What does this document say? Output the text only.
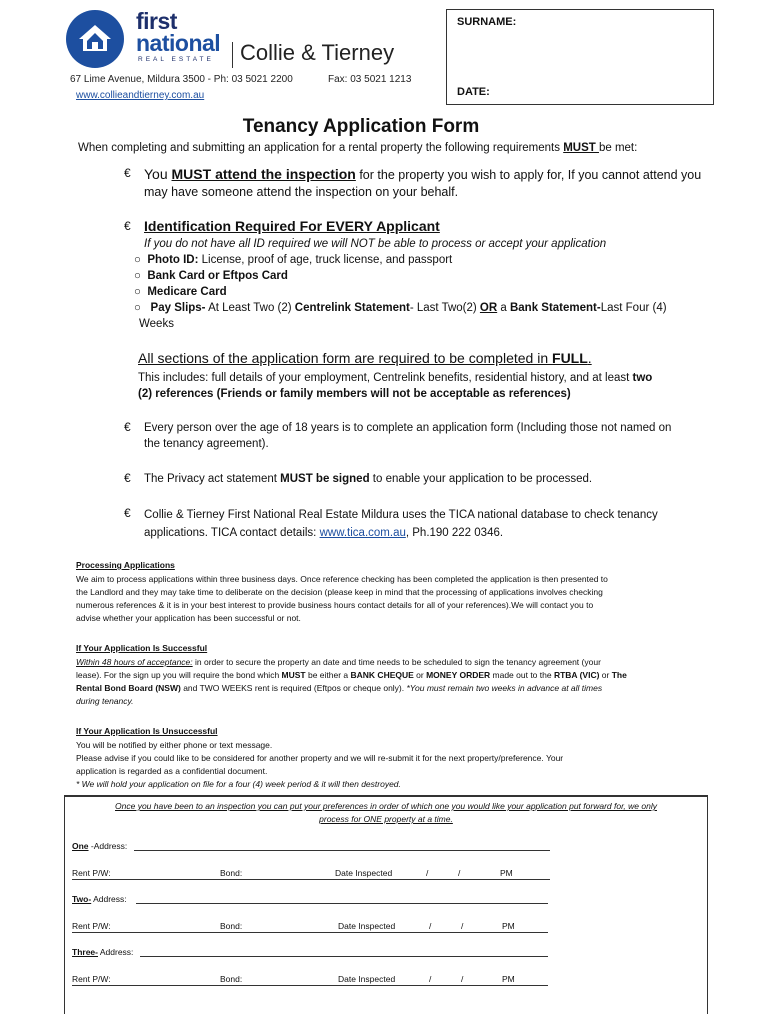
first
national
REAL ESTATE Collie & Tierney
67 Lime Avenue, Mildura 3500 - Ph: 03 5021 2200	Fax: 03 5021 1213
www.collieandtierney.com.au
SURNAME:
DATE:
Tenancy Application Form
When completing and submitting an application for a rental property the following requirements MUST be met:
€ You MUST attend the inspection for the property you wish to apply for, If you cannot attend you
may have someone attend the inspection on your behalf.
€ Identification Required For EVERY Applicant
If you do not have all ID required we will NOT be able to process or accept your application
○ Photo ID: License, proof of age, truck license, and passport
○ Bank Card or Eftpos Card
○ Medicare Card
○ Pay Slips- At Least Two (2) Centrelink Statement- Last Two(2) OR a Bank Statement-Last Four (4)
Weeks
All sections of the application form are required to be completed in FULL.
This includes: full details of your employment, Centrelink benefits, residential history, and at least two
(2) references (Friends or family members will not be acceptable as references)
€ Every person over the age of 18 years is to complete an application form (Including those not named on
the tenancy agreement).
€ The Privacy act statement MUST be signed to enable your application to be processed.
€ Collie & Tierney First National Real Estate Mildura uses the TICA national database to check tenancy
applications. TICA contact details: www.tica.com.au, Ph.190 222 0346.
Processing Applications
We aim to process applications within three business days. Once reference checking has been completed the application is then presented to
the Landlord and they may take time to deliberate on the decision (please keep in mind that the processing of applications involves checking
numerous references & it is in your best interest to provide business hours contact details for all of your references).We will contact you to
advise whether your application has been successful or not.
If Your Application Is Successful
Within 48 hours of acceptance: in order to secure the property an date and time needs to be scheduled to sign the tenancy agreement (your
lease). For the sign up you will require the bond which MUST be either a BANK CHEQUE or MONEY ORDER made out to the RTBA (VIC) or The
Rental Bond Board (NSW) and TWO WEEKS rent is required (Eftpos or cheque only). *You must remain two weeks in advance at all times
during tenancy.
If Your Application Is Unsuccessful
You will be notified by either phone or text message.
Please advise if you could like to be considered for another property and we will re-submit it for the next property/preference. Your
application is regarded as a confidential document.
* We will hold your application on file for a four (4) week period & it will then destroyed.
Once you have been to an inspection you can put your preferences in order of which one you would like your application put forward for, we only
process for ONE property at a time.
One -Address:
Rent P/W:	Bond:	Date Inspected	/	/	PM
Two- Address:
Rent P/W:	Bond:	Date Inspected	/	/	PM
Three- Address:
Rent P/W:	Bond:	Date Inspected	/	/	PM
